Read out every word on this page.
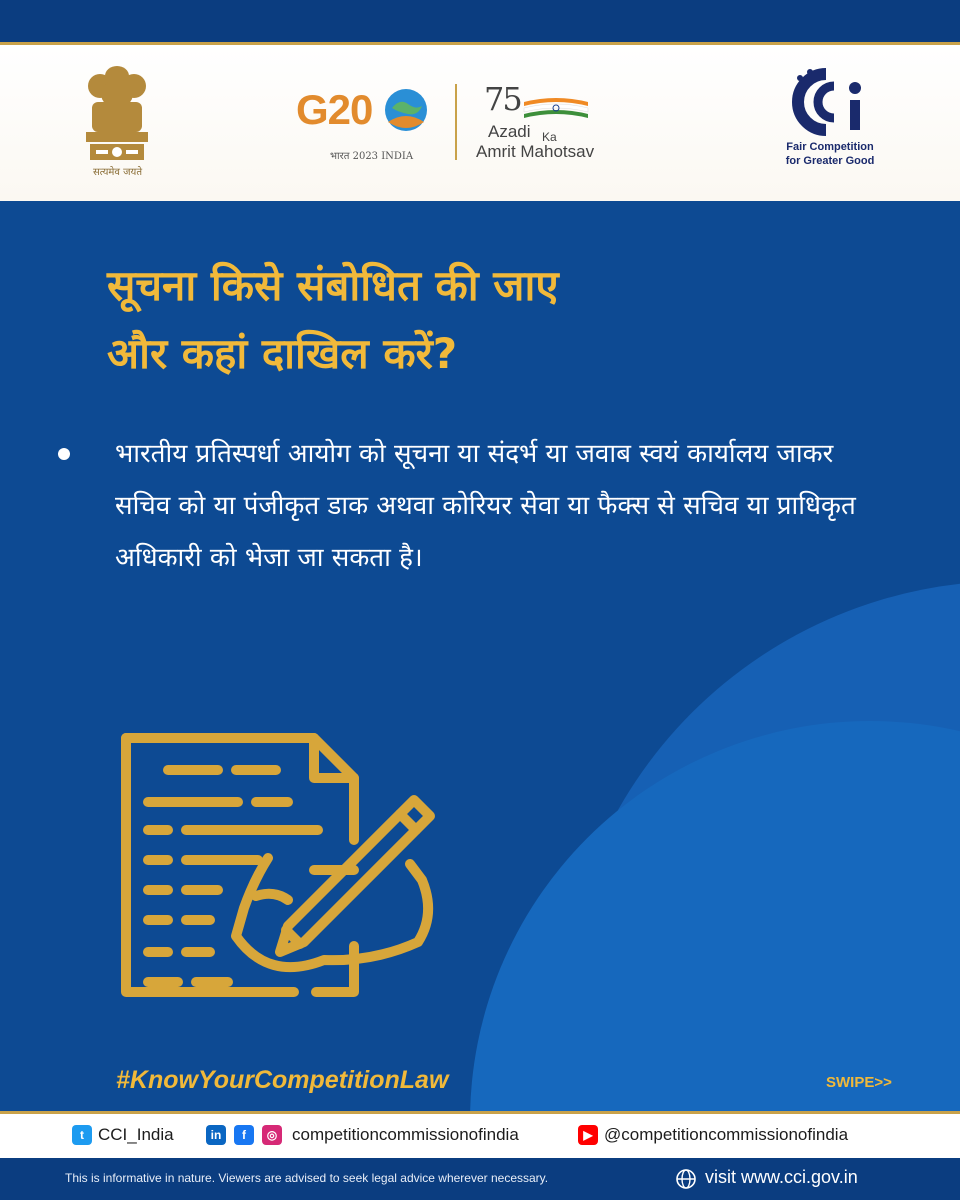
सत्यमेव जयते
G20
भारत 2023 INDIA
75
Azadi Ka
Amrit Mahotsav	Fair Competition
for Greater Good
सूचना किसे संबोधित की जाए
और कहां दाखिल करें?
भारतीय प्रतिस्पर्धा आयोग को सूचना या संदर्भ या जवाब स्वयं कार्यालय जाकर सचिव को या पंजीकृत डाक अथवा कोरियर सेवा या फैक्स से सचिव या प्राधिकृत अधिकारी को भेजा जा सकता है।
#KnowYourCompetitionLaw	SWIPE>>
t CCI_India	in	f	◎ competitioncommissionofindia	▶ @competitioncommissionofindia
This is informative in nature. Viewers are advised to seek legal advice wherever necessary.	visit www.cci.gov.in
